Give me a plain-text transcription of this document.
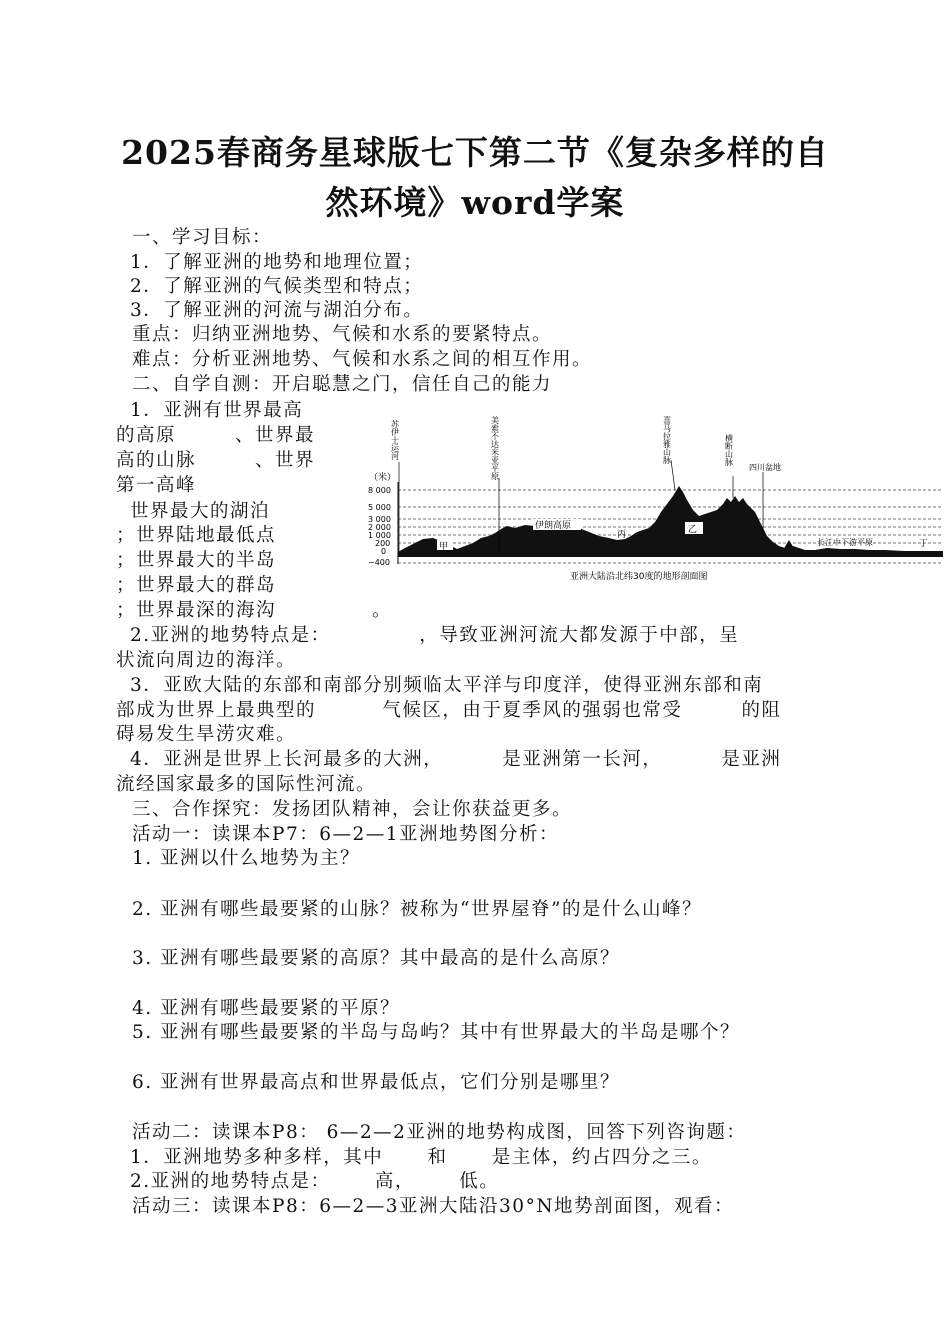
2025春商务星球版七下第二节《复杂多样的自
然环境》word学案
一、学习目标：
1．了解亚洲的地势和地理位置；
2．了解亚洲的气候类型和特点；
3．了解亚洲的河流与湖泊分布。
重点：归纳亚洲地势、气候和水系的要紧特点。
难点：分析亚洲地势、气候和水系之间的相互作用。
二、自学自测：开启聪慧之门，信任自己的能力
1．亚洲有世界最高
的高原        、世界最
高的山脉        、世界
第一高峰
世界最大的湖泊
；世界陆地最低点
；世界最大的半岛
；世界最大的群岛
；世界最深的海沟             。
（米）
8 000
5 000
3 000
2 000
1 000
200
0
−400
甲
伊朗高原
丙	乙
长江中下游平原	丁
苏伊士运河	美索不达米亚平原	喜马拉雅山脉	横断山脉
四川盆地
亚洲大陆沿北纬30度的地形剖面图
2.亚洲的地势特点是：            ，导致亚洲河流大都发源于中部，呈
状流向周边的海洋。
3．亚欧大陆的东部和南部分别频临太平洋与印度洋，使得亚洲东部和南
部成为世界上最典型的         气候区，由于夏季风的强弱也常受        的阻
碍易发生旱涝灾难。
4．亚洲是世界上长河最多的大洲，        是亚洲第一长河，        是亚洲
流经国家最多的国际性河流。
三、合作探究：发扬团队精神，会让你获益更多。
活动一：读课本P7：6—2—1亚洲地势图分析：
1. 亚洲以什么地势为主？
2. 亚洲有哪些最要紧的山脉？被称为“世界屋脊”的是什么山峰？
3. 亚洲有哪些最要紧的高原？其中最高的是什么高原？
4. 亚洲有哪些最要紧的平原？
5. 亚洲有哪些最要紧的半岛与岛屿？其中有世界最大的半岛是哪个？
6. 亚洲有世界最高点和世界最低点，它们分别是哪里？
活动二：读课本P8： 6—2—2亚洲的地势构成图，回答下列咨询题：
1．亚洲地势多种多样，其中      和      是主体，约占四分之三。
2.亚洲的地势特点是：      高，      低。
活动三：读课本P8：6—2—3亚洲大陆沿30°N地势剖面图，观看：
